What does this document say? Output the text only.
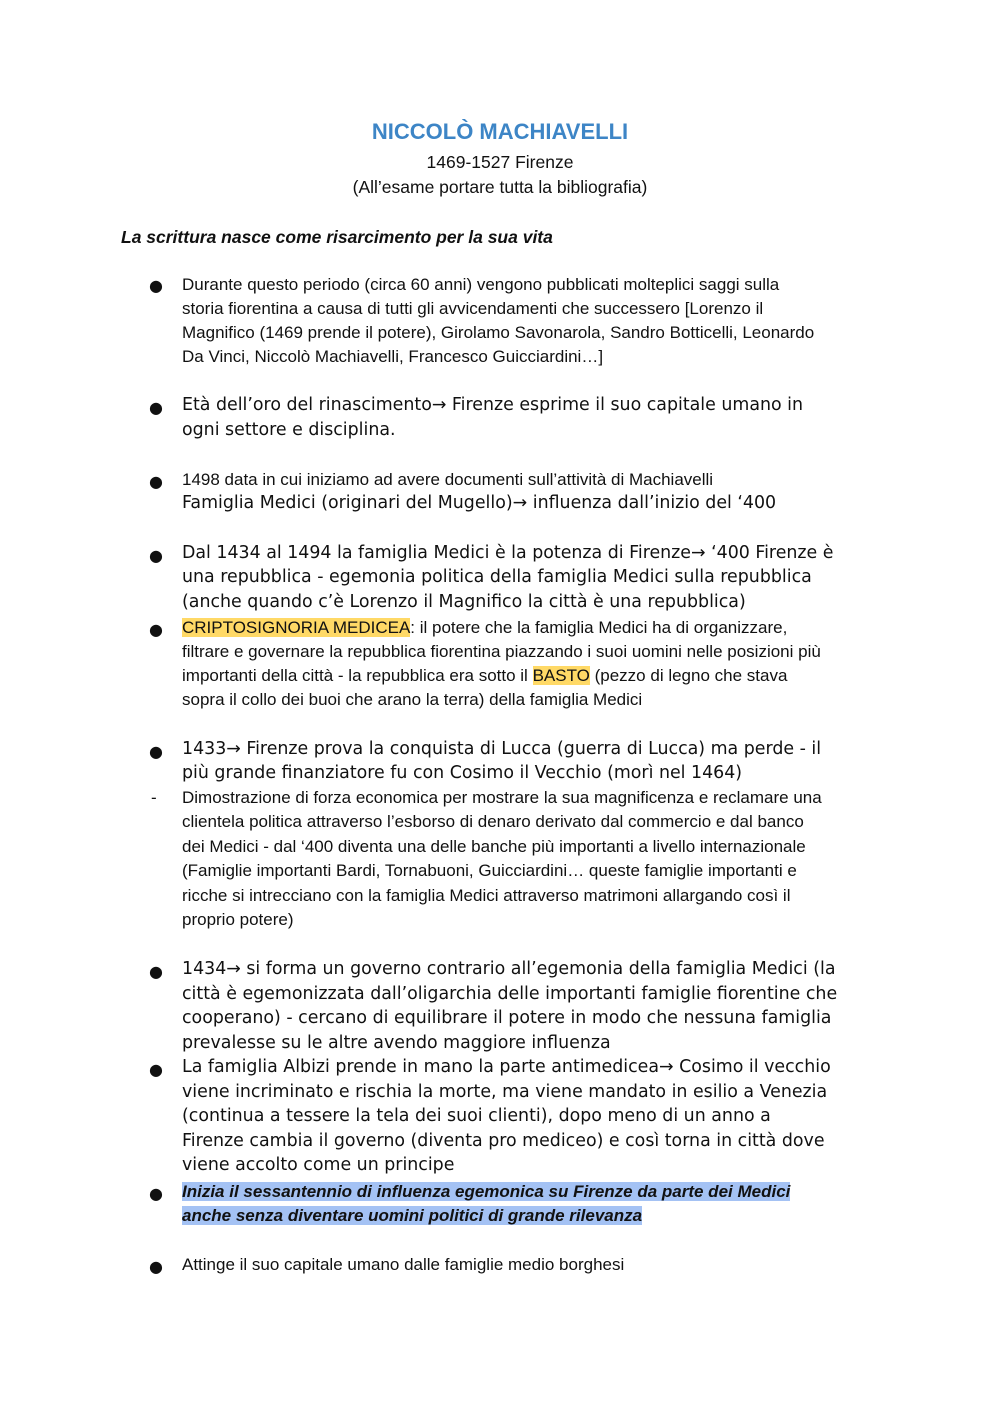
NICCOLÒ MACHIAVELLI
1469-1527 Firenze
(All’esame portare tutta la bibliografia)
La scrittura nasce come risarcimento per la sua vita
● Durante questo periodo (circa 60 anni) vengono pubblicati molteplici saggi sulla
storia fiorentina a causa di tutti gli avvicendamenti che successero [Lorenzo il
Magnifico (1469 prende il potere), Girolamo Savonarola, Sandro Botticelli, Leonardo
Da Vinci, Niccolò Machiavelli, Francesco Guicciardini…]
● Età dell’oro del rinascimento→ Firenze esprime il suo capitale umano in
ogni settore e disciplina.
● 1498 data in cui iniziamo ad avere documenti sull’attività di Machiavelli
Famiglia Medici (originari del Mugello)→ influenza dall’inizio del ‘400
● Dal 1434 al 1494 la famiglia Medici è la potenza di Firenze→ ‘400 Firenze è
una repubblica - egemonia politica della famiglia Medici sulla repubblica
(anche quando c’è Lorenzo il Magnifico la città è una repubblica)
● CRIPTOSIGNORIA MEDICEA: il potere che la famiglia Medici ha di organizzare,
filtrare e governare la repubblica fiorentina piazzando i suoi uomini nelle posizioni più
importanti della città - la repubblica era sotto il BASTO (pezzo di legno che stava
sopra il collo dei buoi che arano la terra) della famiglia Medici
● 1433→ Firenze prova la conquista di Lucca (guerra di Lucca) ma perde - il
più grande finanziatore fu con Cosimo il Vecchio (morì nel 1464)
- Dimostrazione di forza economica per mostrare la sua magnificenza e reclamare una
clientela politica attraverso l’esborso di denaro derivato dal commercio e dal banco
dei Medici - dal ‘400 diventa una delle banche più importanti a livello internazionale
(Famiglie importanti Bardi, Tornabuoni, Guicciardini… queste famiglie importanti e
ricche si intrecciano con la famiglia Medici attraverso matrimoni allargando così il
proprio potere)
● 1434→ si forma un governo contrario all’egemonia della famiglia Medici (la
città è egemonizzata dall’oligarchia delle importanti famiglie fiorentine che
cooperano) - cercano di equilibrare il potere in modo che nessuna famiglia
prevalesse su le altre avendo maggiore influenza
● La famiglia Albizi prende in mano la parte antimedicea→ Cosimo il vecchio
viene incriminato e rischia la morte, ma viene mandato in esilio a Venezia
(continua a tessere la tela dei suoi clienti), dopo meno di un anno a
Firenze cambia il governo (diventa pro mediceo) e così torna in città dove
viene accolto come un principe
● Inizia il sessantennio di influenza egemonica su Firenze da parte dei Medici
anche senza diventare uomini politici di grande rilevanza
● Attinge il suo capitale umano dalle famiglie medio borghesi
